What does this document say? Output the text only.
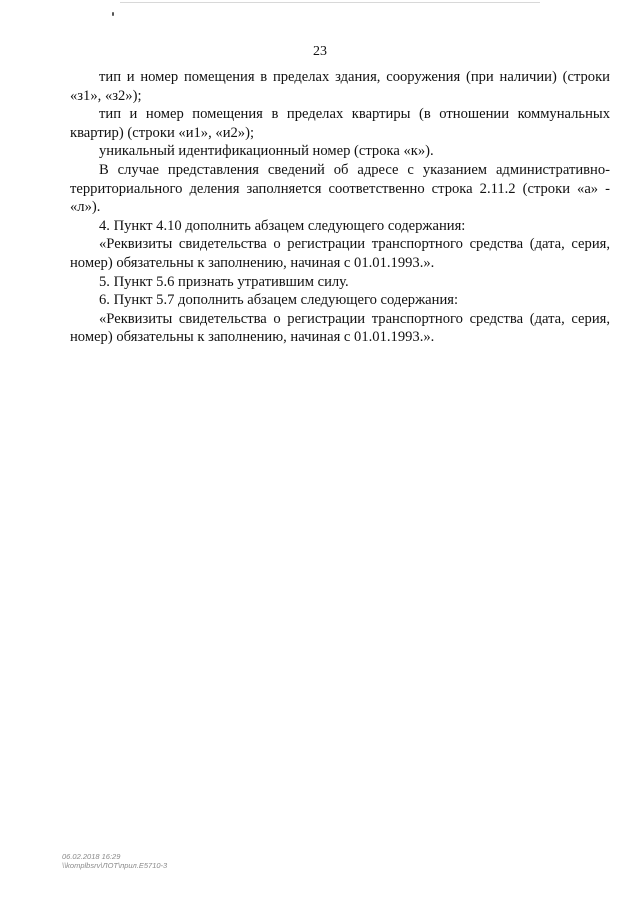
23

тип и номер помещения в пределах здания, сооружения (при наличии) (строки «з1», «з2»);

тип и номер помещения в пределах квартиры (в отношении коммунальных квартир) (строки «и1», «и2»);

уникальный идентификационный номер (строка «к»).

В случае представления сведений об адресе с указанием административно-территориального деления заполняется соответственно строка 2.11.2 (строки «а» - «л»).

4. Пункт 4.10 дополнить абзацем следующего содержания:

«Реквизиты свидетельства о регистрации транспортного средства (дата, серия, номер) обязательны к заполнению, начиная с 01.01.1993.».

5. Пункт 5.6 признать утратившим силу.

6. Пункт 5.7 дополнить абзацем следующего содержания:

«Реквизиты свидетельства о регистрации транспортного средства (дата, серия, номер) обязательны к заполнению, начиная с 01.01.1993.».

06.02.2018 16:29
\\komplbsrv\ЛОТ\прил.Е5710-3
